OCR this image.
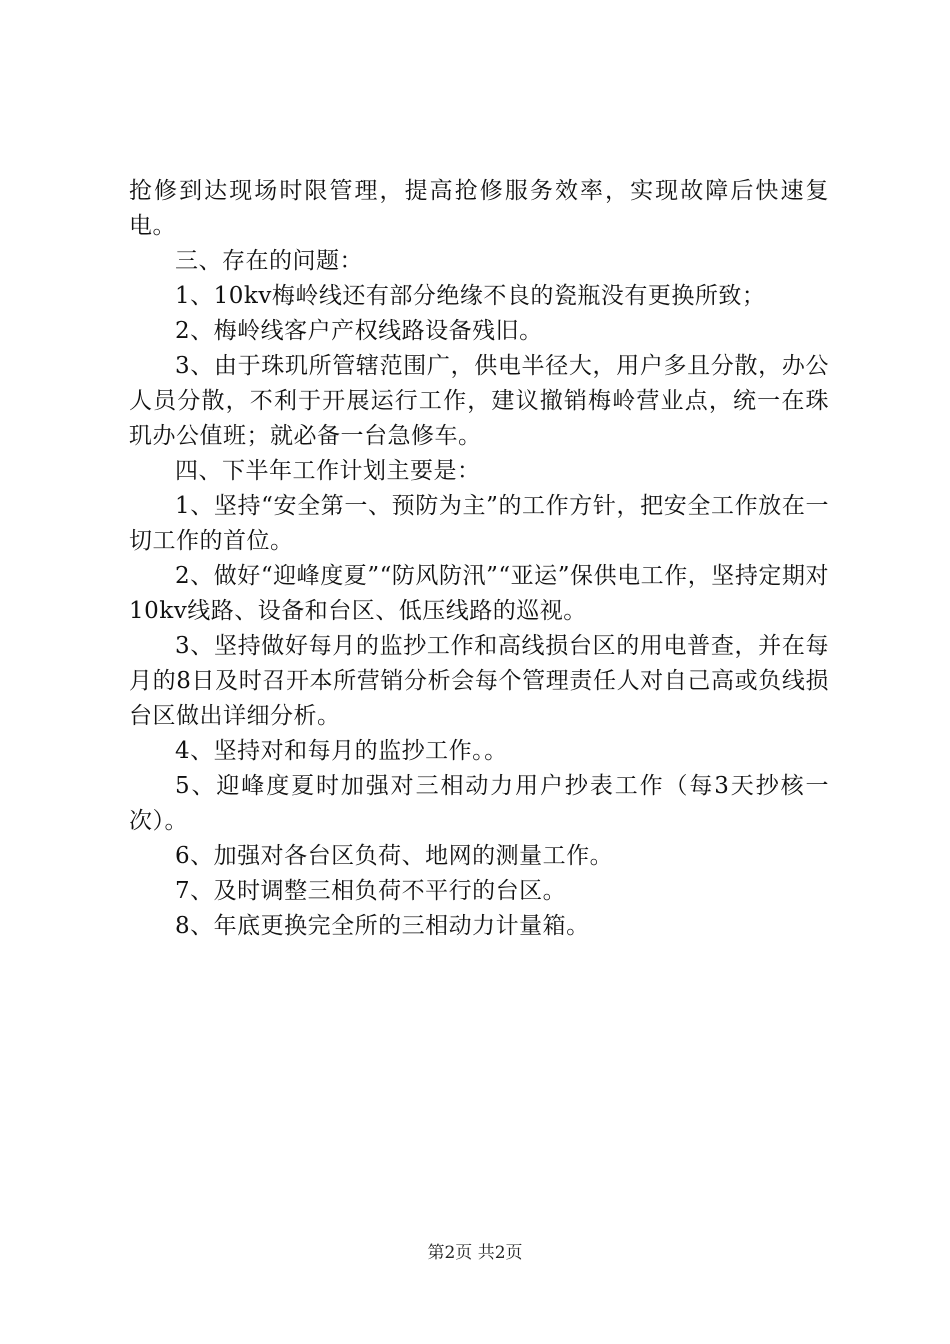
抢修到达现场时限管理，提高抢修服务效率，实现故障后快速复电。

三、存在的问题：

1、10kv梅岭线还有部分绝缘不良的瓷瓶没有更换所致；

2、梅岭线客户产权线路设备残旧。

3、由于珠玑所管辖范围广，供电半径大，用户多且分散，办公人员分散，不利于开展运行工作，建议撤销梅岭营业点，统一在珠玑办公值班；就必备一台急修车。

四、下半年工作计划主要是：

1、坚持“安全第一、预防为主”的工作方针，把安全工作放在一切工作的首位。

2、做好“迎峰度夏”“防风防汛”“亚运”保供电工作，坚持定期对10kv线路、设备和台区、低压线路的巡视。

3、坚持做好每月的监抄工作和高线损台区的用电普查，并在每月的8日及时召开本所营销分析会每个管理责任人对自己高或负线损台区做出详细分析。

4、坚持对和每月的监抄工作。。

5、迎峰度夏时加强对三相动力用户抄表工作（每3天抄核一次）。

6、加强对各台区负荷、地网的测量工作。

7、及时调整三相负荷不平行的台区。

8、年底更换完全所的三相动力计量箱。

第2页 共2页
